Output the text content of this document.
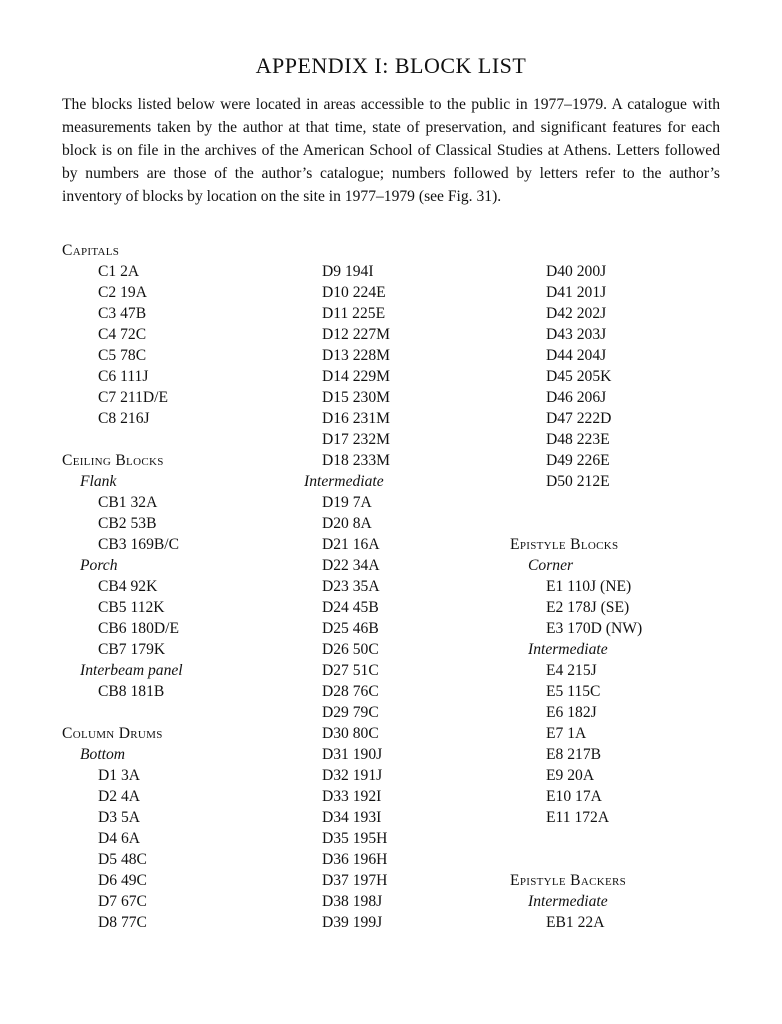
APPENDIX I: BLOCK LIST
The blocks listed below were located in areas accessible to the public in 1977–1979. A catalogue with measurements taken by the author at that time, state of preservation, and significant features for each block is on file in the archives of the American School of Classical Studies at Athens. Letters followed by numbers are those of the author’s catalogue; numbers followed by letters refer to the author’s inventory of blocks by location on the site in 1977–1979 (see Fig. 31).
Capitals
C1 2A
C2 19A
C3 47B
C4 72C
C5 78C
C6 111J
C7 211D/E
C8 216J
Ceiling Blocks
Flank
CB1 32A
CB2 53B
CB3 169B/C
Porch
CB4 92K
CB5 112K
CB6 180D/E
CB7 179K
Interbeam panel
CB8 181B
Column Drums
Bottom
D1 3A
D2 4A
D3 5A
D4 6A
D5 48C
D6 49C
D7 67C
D8 77C
D9 194I
D10 224E
D11 225E
D12 227M
D13 228M
D14 229M
D15 230M
D16 231M
D17 232M
D18 233M
Intermediate
D19 7A
D20 8A
D21 16A
D22 34A
D23 35A
D24 45B
D25 46B
D26 50C
D27 51C
D28 76C
D29 79C
D30 80C
D31 190J
D32 191J
D33 192I
D34 193I
D35 195H
D36 196H
D37 197H
D38 198J
D39 199J
D40 200J
D41 201J
D42 202J
D43 203J
D44 204J
D45 205K
D46 206J
D47 222D
D48 223E
D49 226E
D50 212E
Epistyle Blocks
Corner
E1 110J (NE)
E2 178J (SE)
E3 170D (NW)
Intermediate
E4 215J
E5 115C
E6 182J
E7 1A
E8 217B
E9 20A
E10 17A
E11 172A
Epistyle Backers
Intermediate
EB1 22A
